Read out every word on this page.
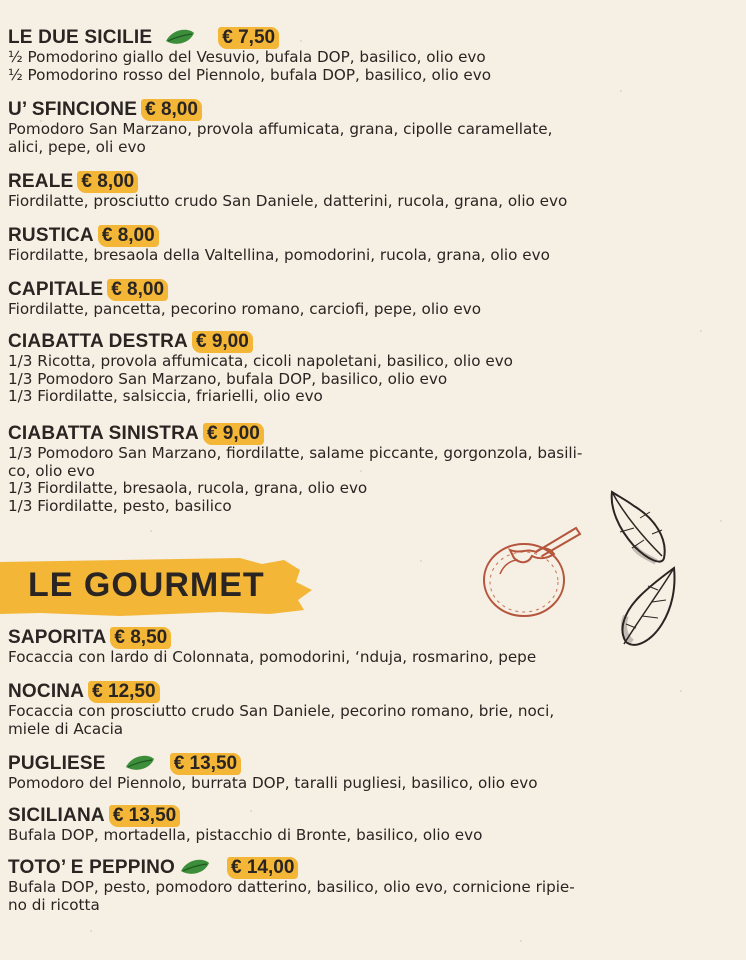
LE DUE SICILIE	€ 7,50

½ Pomodorino giallo del Vesuvio, bufala DOP, basilico, olio evo

½ Pomodorino rosso del Piennolo, bufala DOP, basilico, olio evo

U’ SFINCIONE € 8,00

Pomodoro San Marzano, provola affumicata, grana, cipolle caramellate,

alici, pepe, oli evo

REALE € 8,00

Fiordilatte, prosciutto crudo San Daniele, datterini, rucola, grana, olio evo

RUSTICA € 8,00

Fiordilatte, bresaola della Valtellina, pomodorini, rucola, grana, olio evo

CAPITALE € 8,00

Fiordilatte, pancetta, pecorino romano, carciofi, pepe, olio evo

CIABATTA DESTRA € 9,00

1/3 Ricotta, provola affumicata, cicoli napoletani, basilico, olio evo

1/3 Pomodoro San Marzano, bufala DOP, basilico, olio evo

1/3 Fiordilatte, salsiccia, friarielli, olio evo

CIABATTA SINISTRA € 9,00

1/3 Pomodoro San Marzano, fiordilatte, salame piccante, gorgonzola, basili-

co, olio evo

1/3 Fiordilatte, bresaola, rucola, grana, olio evo

1/3 Fiordilatte, pesto, basilico

LE GOURMET
SAPORITA € 8,50

Focaccia con lardo di Colonnata, pomodorini, ‘nduja, rosmarino, pepe

NOCINA € 12,50

Focaccia con prosciutto crudo San Daniele, pecorino romano, brie, noci,

miele di Acacia

PUGLIESE	€ 13,50

Pomodoro del Piennolo, burrata DOP, taralli pugliesi, basilico, olio evo

SICILIANA € 13,50

Bufala DOP, mortadella, pistacchio di Bronte, basilico, olio evo

TOTO’ E PEPPINO	€ 14,00

Bufala DOP, pesto, pomodoro datterino, basilico, olio evo, cornicione ripie-

no di ricotta
